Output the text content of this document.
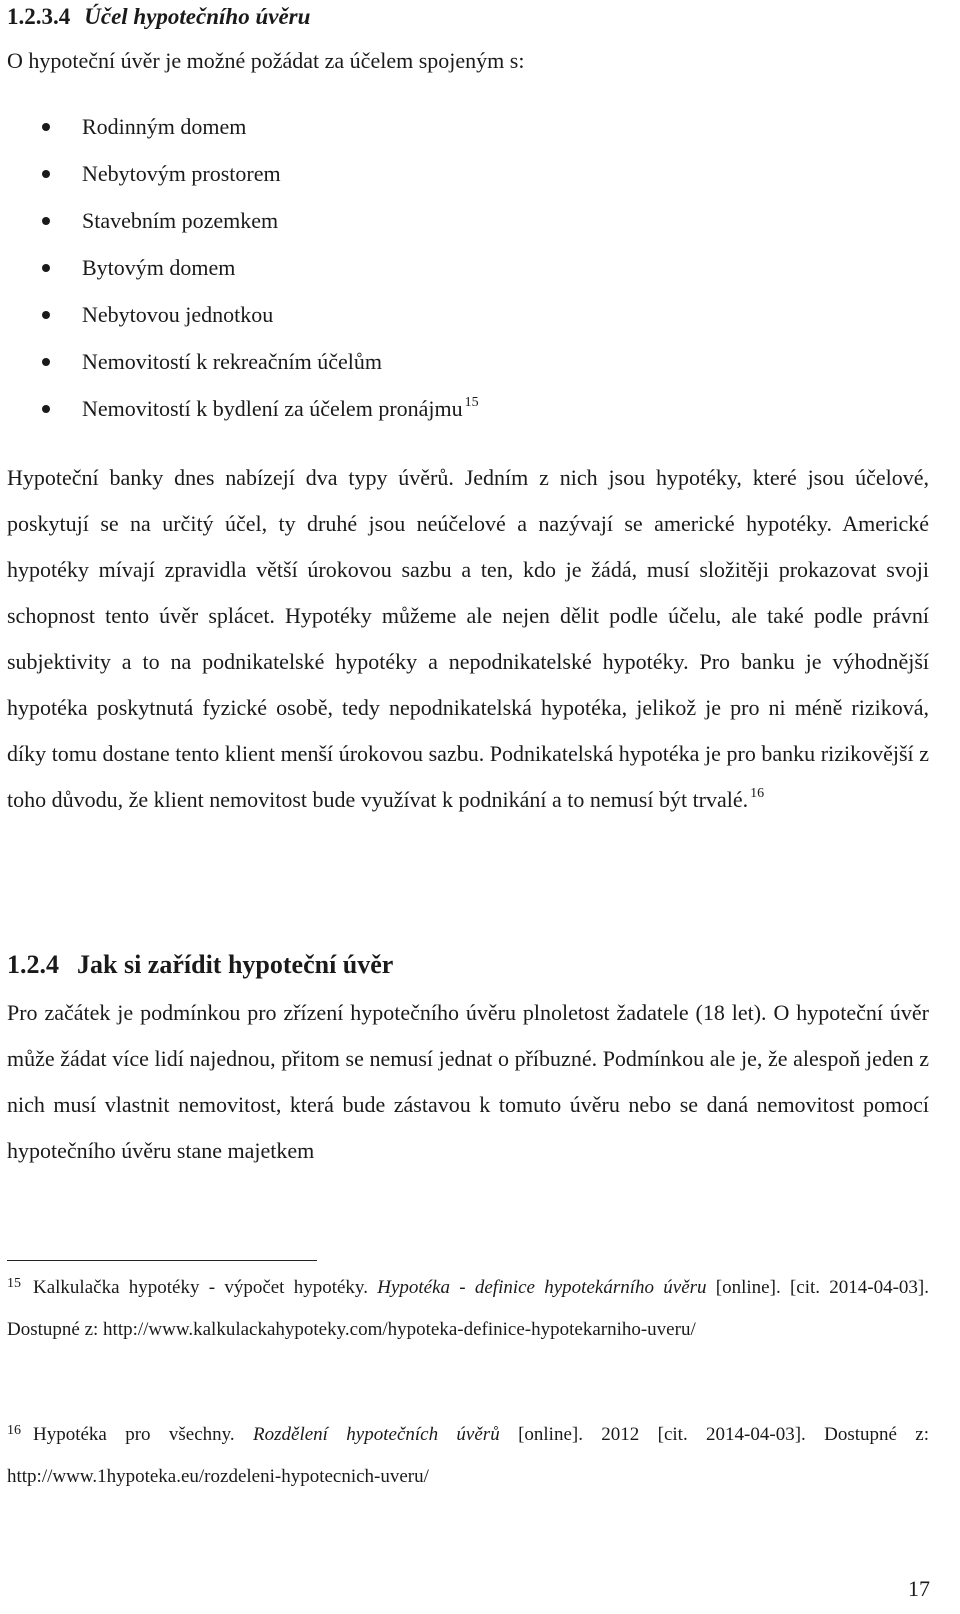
1.2.3.4 Účel hypotečního úvěru

O hypoteční úvěr je možné požádat za účelem spojeným s:

Rodinným domem
Nebytovým prostorem
Stavebním pozemkem
Bytovým domem
Nebytovou jednotkou
Nemovitostí k rekreačním účelům
Nemovitostí k bydlení za účelem pronájmu $^{15}$

Hypoteční banky dnes nabízejí dva typy úvěrů. Jedním z nich jsou hypotéky, které jsou účelové, poskytují se na určitý účel, ty druhé jsou neúčelové a nazývají se americké hypotéky. Americké hypotéky mívají zpravidla větší úrokovou sazbu a ten, kdo je žádá, musí složitěji prokazovat svoji schopnost tento úvěr splácet. Hypotéky můžeme ale nejen dělit podle účelu, ale také podle právní subjektivity a to na podnikatelské hypotéky a nepodnikatelské hypotéky. Pro banku je výhodnější hypotéka poskytnutá fyzické osobě, tedy nepodnikatelská hypotéka, jelikož je pro ni méně riziková, díky tomu dostane tento klient menší úrokovou sazbu. Podnikatelská hypotéka je pro banku rizikovější z toho důvodu, že klient nemovitost bude využívat k podnikání a to nemusí být trvalé. $^{16}$

1.2.4 Jak si zařídit hypoteční úvěr

Pro začátek je podmínkou pro zřízení hypotečního úvěru plnoletost žadatele (18 let). O hypoteční úvěr může žádat více lidí najednou, přitom se nemusí jednat o příbuzné. Podmínkou ale je, že alespoň jeden z nich musí vlastnit nemovitost, která bude zástavou k tomuto úvěru nebo se daná nemovitost pomocí hypotečního úvěru stane majetkem

$^{15}$ Kalkulačka hypotéky - výpočet hypotéky. Hypotéka - definice hypotekárního úvěru [online]. [cit. 2014-04-03]. Dostupné z: http://www.kalkulackahypoteky.com/hypoteka-definice-hypotekarniho-uveru/

$^{16}$ Hypotéka pro všechny. Rozdělení hypotečních úvěrů [online]. 2012 [cit. 2014-04-03]. Dostupné z: http://www.1hypoteka.eu/rozdeleni-hypotecnich-uveru/

17
